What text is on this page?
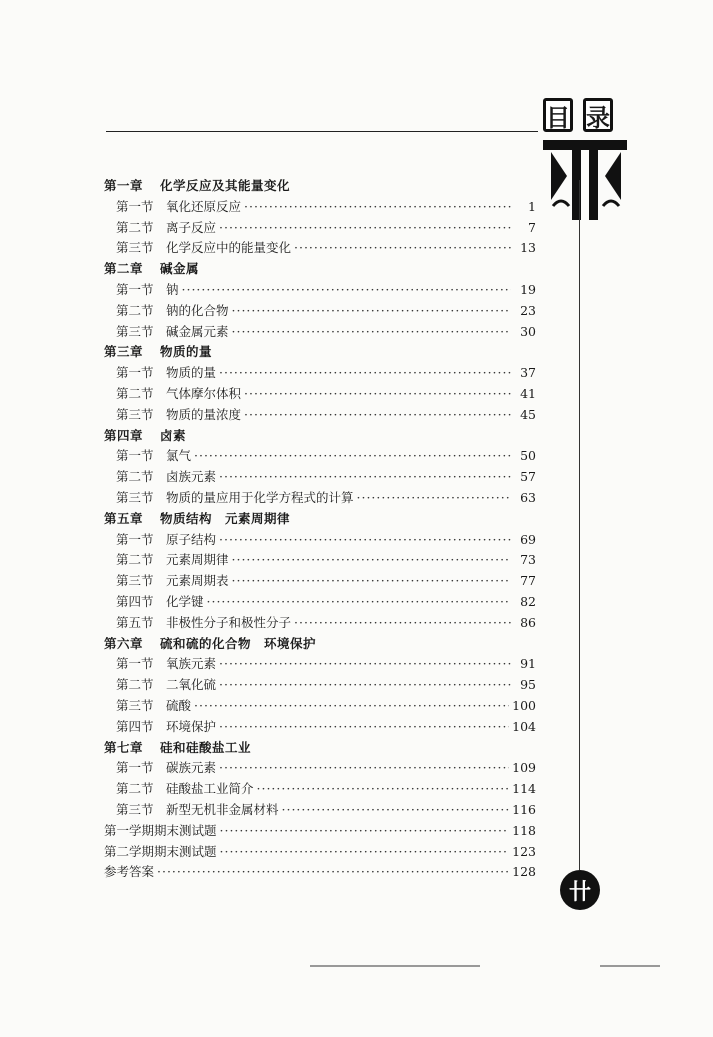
目 录
卄
第一章	化学反应及其能量变化
第一节 氧化还原反应 ·····	1
第二节 离子反应 ·····	7
第三节 化学反应中的能量变化 ·····	13
第二章	碱金属
第一节 钠 ·····	19
第二节 钠的化合物 ·····	23
第三节 碱金属元素 ·····	30
第三章	物质的量
第一节 物质的量 ·····	37
第二节 气体摩尔体积 ·····	41
第三节 物质的量浓度 ·····	45
第四章	卤素
第一节 氯气 ·····	50
第二节 卤族元素 ·····	57
第三节 物质的量应用于化学方程式的计算 ·····	63
第五章	物质结构　元素周期律
第一节 原子结构 ·····	69
第二节 元素周期律 ·····	73
第三节 元素周期表 ·····	77
第四节 化学键 ·····	82
第五节 非极性分子和极性分子 ·····	86
第六章	硫和硫的化合物　环境保护
第一节 氧族元素 ·····	91
第二节 二氧化硫 ·····	95
第三节 硫酸 ·····	100
第四节 环境保护 ·····	104
第七章	硅和硅酸盐工业
第一节 碳族元素 ·····	109
第二节 硅酸盐工业简介 ·····	114
第三节 新型无机非金属材料 ·····	116
第一学期期末测试题 ·····	118
第二学期期末测试题 ·····	123
参考答案 ·····	128
